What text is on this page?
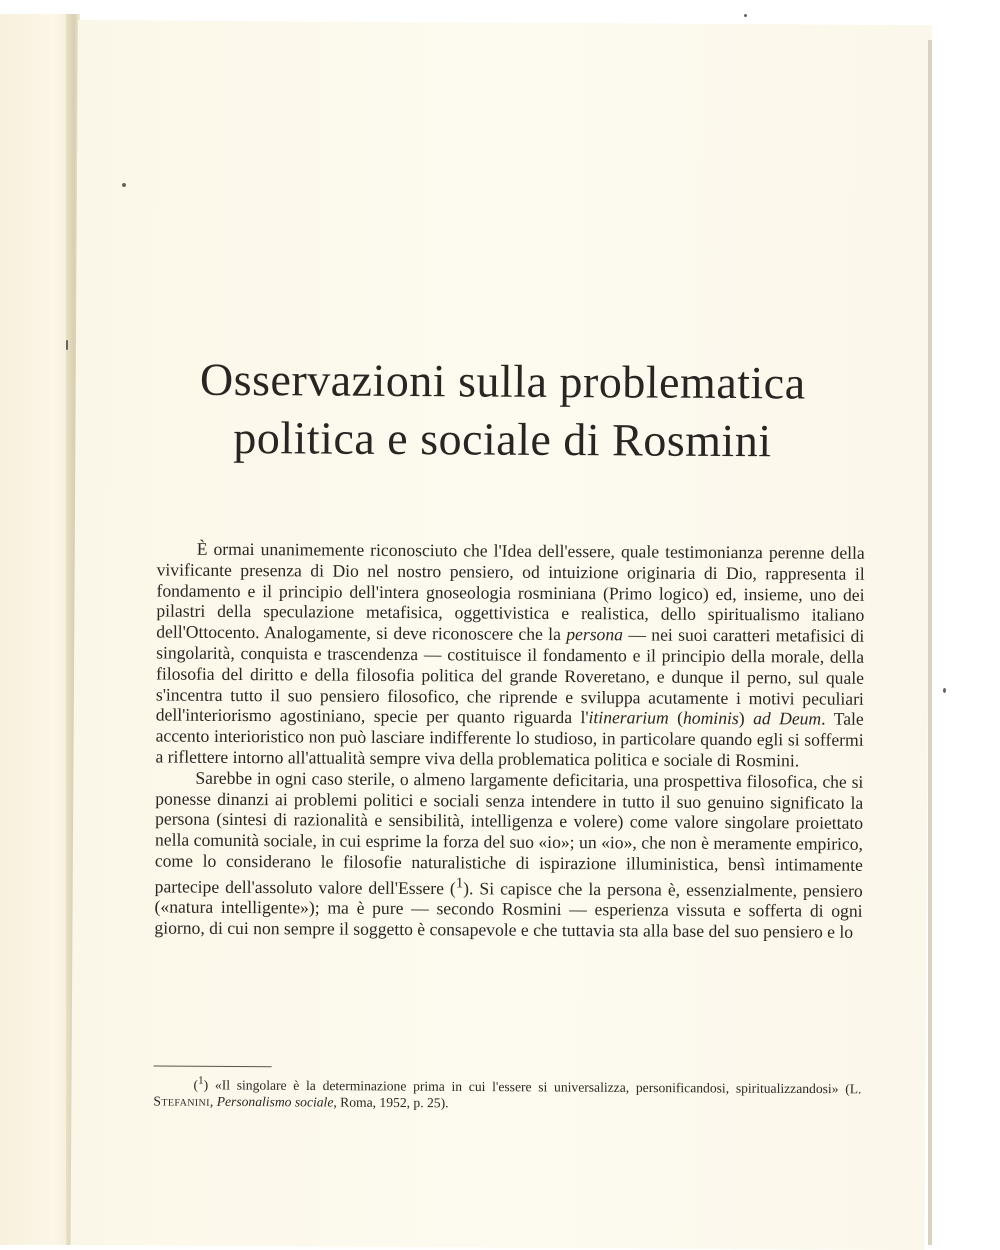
Osservazioni sulla problematica
politica e sociale di Rosmini

È ormai unanimemente riconosciuto che l'Idea dell'essere, quale testimonianza perenne della vivificante presenza di Dio nel nostro pensiero, od intuizione originaria di Dio, rappresenta il fondamento e il principio dell'intera gnoseologia rosminiana (Primo logico) ed, insieme, uno dei pilastri della speculazione metafisica, oggettivistica e realistica, dello spiritualismo italiano dell'Ottocento. Analogamente, si deve riconoscere che la persona — nei suoi caratteri metafisici di singolarità, conquista e trascendenza — costituisce il fondamento e il principio della morale, della filosofia del diritto e della filosofia politica del grande Roveretano, e dunque il perno, sul quale s'incentra tutto il suo pensiero filosofico, che riprende e sviluppa acutamente i motivi peculiari dell'interiorismo agostiniano, specie per quanto riguarda l'itinerarium (hominis) ad Deum. Tale accento interioristico non può lasciare indifferente lo studioso, in particolare quando egli si soffermi a riflettere intorno all'attualità sempre viva della problematica politica e sociale di Rosmini.

Sarebbe in ogni caso sterile, o almeno largamente deficitaria, una prospettiva filosofica, che si ponesse dinanzi ai problemi politici e sociali senza intendere in tutto il suo genuino significato la persona (sintesi di razionalità e sensibilità, intelligenza e volere) come valore singolare proiettato nella comunità sociale, in cui esprime la forza del suo «io»; un «io», che non è meramente empirico, come lo considerano le filosofie naturalistiche di ispirazione illuministica, bensì intimamente partecipe dell'assoluto valore dell'Essere ($^1$). Si capisce che la persona è, essenzialmente, pensiero («natura intelligente»); ma è pure — secondo Rosmini — esperienza vissuta e sofferta di ogni giorno, di cui non sempre il soggetto è consapevole e che tuttavia sta alla base del suo pensiero e lo

($^1$) «Il singolare è la determinazione prima in cui l'essere si universalizza, personificandosi, spiritualizzandosi» (L. Stefanini, Personalismo sociale, Roma, 1952, p. 25).
